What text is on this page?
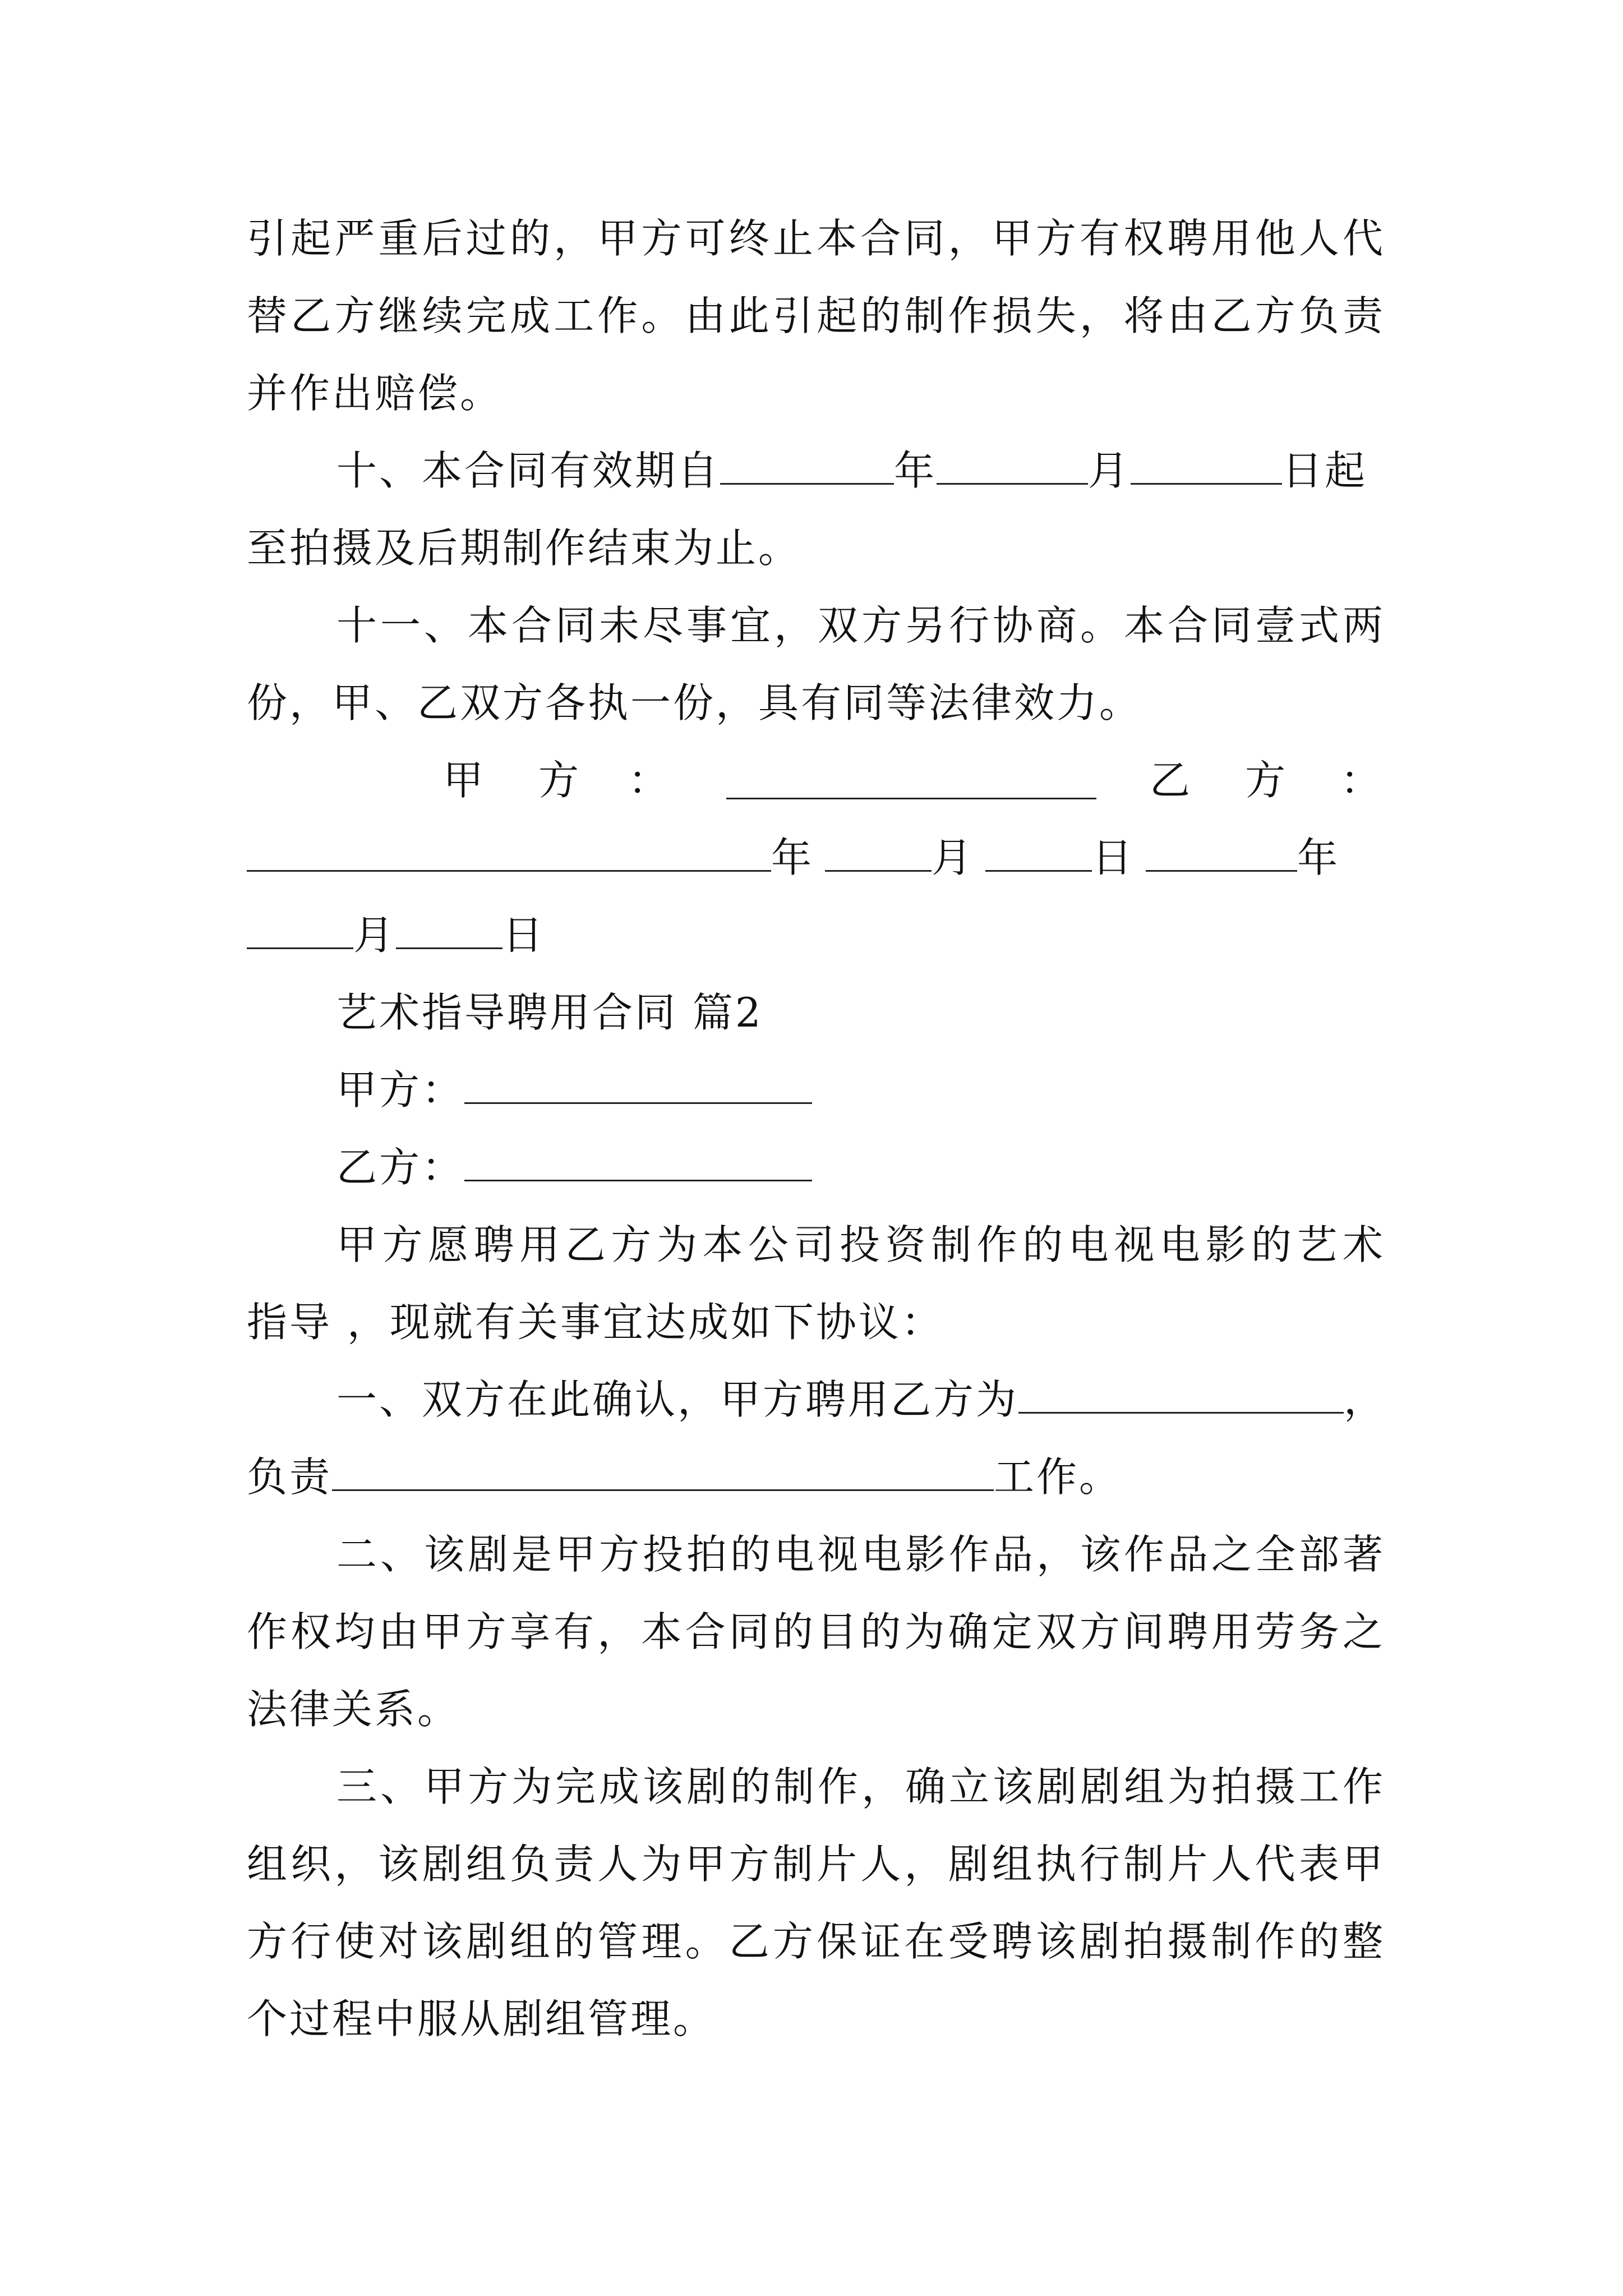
引起严重后过的，甲方可终止本合同，甲方有权聘用他人代
替乙方继续完成工作。由此引起的制作损失，将由乙方负责
并作出赔偿。
十、本合同有效期自	年	月	日起
至拍摄及后期制作结束为止。
十一、本合同未尽事宜，双方另行协商。本合同壹式两
份，甲、乙双方各执一份，具有同等法律效力。
甲 方 ：	乙 方 ：
年	月	日	年
月	日
艺术指导聘用合同 篇2
甲方：
乙方：
甲方愿聘用乙方为本公司投资制作的电视电影的艺术
指导 ，现就有关事宜达成如下协议：
一、双方在此确认，甲方聘用乙方为	，
负责	工作。
二、该剧是甲方投拍的电视电影作品，该作品之全部著
作权均由甲方享有，本合同的目的为确定双方间聘用劳务之
法律关系。
三、甲方为完成该剧的制作，确立该剧剧组为拍摄工作
组织，该剧组负责人为甲方制片人，剧组执行制片人代表甲
方行使对该剧组的管理。乙方保证在受聘该剧拍摄制作的整
个过程中服从剧组管理。
